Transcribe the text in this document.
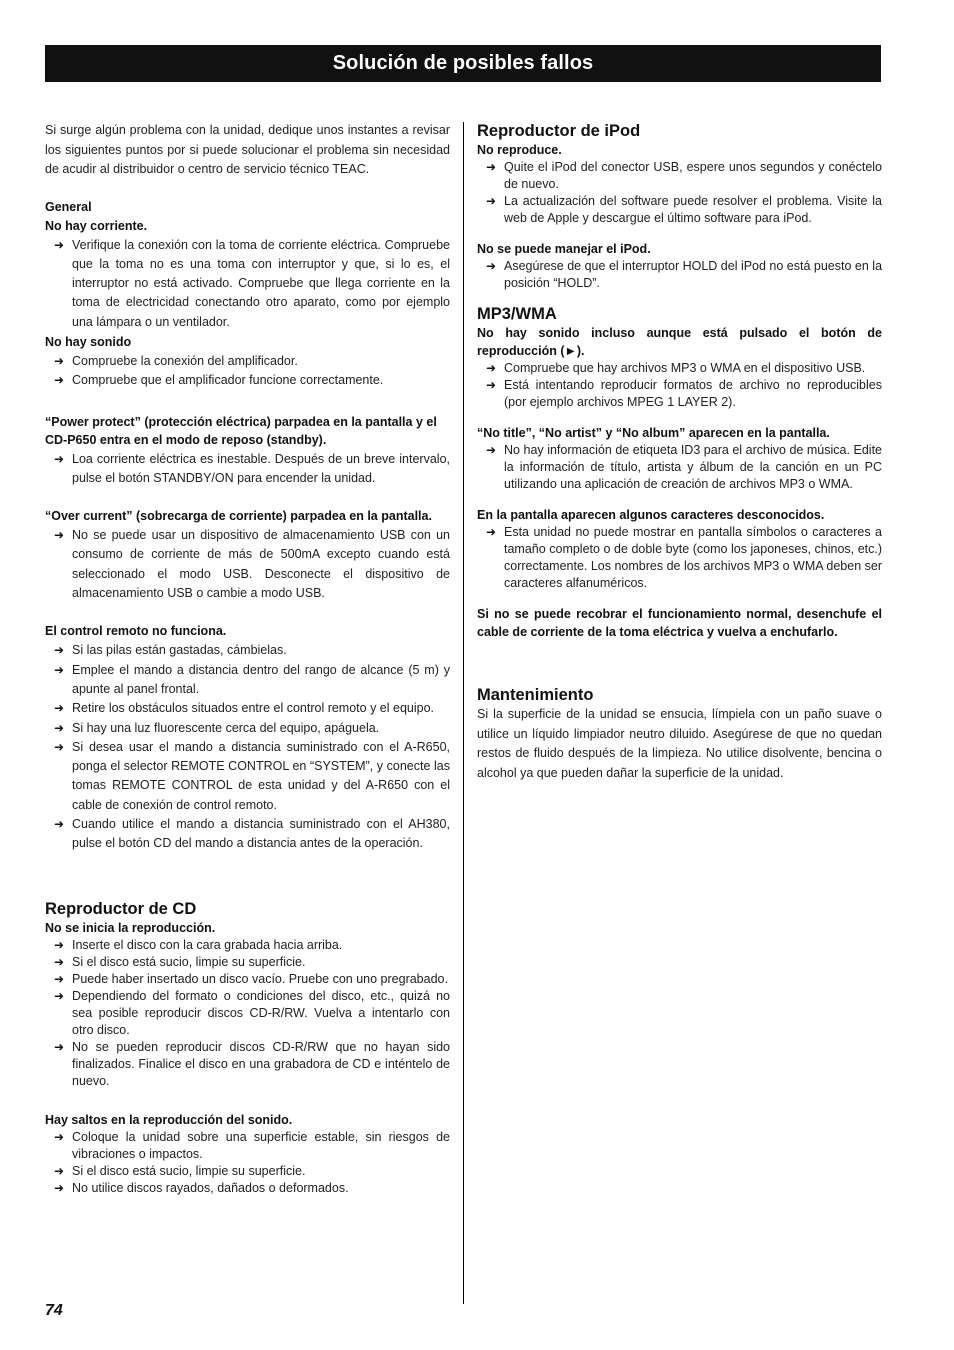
Solución de posibles fallos

Si surge algún problema con la unidad, dedique unos instantes a revisar los siguientes puntos por si puede solucionar el problema sin necesidad de acudir al distribuidor o centro de servicio técnico TEAC.

General

No hay corriente.

➜ Verifique la conexión con la toma de corriente eléctrica. Compruebe que la toma no es una toma con interruptor y que, si lo es, el interruptor no está activado. Compruebe que llega corriente en la toma de electricidad conectando otro aparato, como por ejemplo una lámpara o un ventilador.

No hay sonido

➜ Compruebe la conexión del amplificador.

➜ Compruebe que el amplificador funcione correctamente.

“Power protect” (protección eléctrica) parpadea en la pantalla y el CD-P650 entra en el modo de reposo (standby).

➜ Loa corriente eléctrica es inestable. Después de un breve intervalo, pulse el botón STANDBY/ON para encender la unidad.

“Over current” (sobrecarga de corriente) parpadea en la pantalla.

➜ No se puede usar un dispositivo de almacenamiento USB con un consumo de corriente de más de 500mA excepto cuando está seleccionado el modo USB. Desconecte el dispositivo de almacenamiento USB o cambie a modo USB.

El control remoto no funciona.

➜ Si las pilas están gastadas, cámbielas.

➜ Emplee el mando a distancia dentro del rango de alcance (5 m) y apunte al panel frontal.

➜ Retire los obstáculos situados entre el control remoto y el equipo.

➜ Si hay una luz fluorescente cerca del equipo, apáguela.

➜ Si desea usar el mando a distancia suministrado con el A-R650, ponga el selector REMOTE CONTROL en “SYSTEM”, y conecte las tomas REMOTE CONTROL de esta unidad y del A-R650 con el cable de conexión de control remoto.

➜ Cuando utilice el mando a distancia suministrado con el AH380, pulse el botón CD del mando a distancia antes de la operación.

Reproductor de CD

No se inicia la reproducción.

➜ Inserte el disco con la cara grabada hacia arriba.

➜ Si el disco está sucio, limpie su superficie.

➜ Puede haber insertado un disco vacío. Pruebe con uno pregrabado.

➜ Dependiendo del formato o condiciones del disco, etc., quizá no sea posible reproducir discos CD-R/RW. Vuelva a intentarlo con otro disco.

➜ No se pueden reproducir discos CD-R/RW que no hayan sido finalizados. Finalice el disco en una grabadora de CD e inténtelo de nuevo.

Hay saltos en la reproducción del sonido.

➜ Coloque la unidad sobre una superficie estable, sin riesgos de vibraciones o impactos.

➜ Si el disco está sucio, limpie su superficie.

➜ No utilice discos rayados, dañados o deformados.

Reproductor de iPod

No reproduce.

➜ Quite el iPod del conector USB, espere unos segundos y conéctelo de nuevo.

➜ La actualización del software puede resolver el problema. Visite la web de Apple y descargue el último software para iPod.

No se puede manejar el iPod.

➜ Asegúrese de que el interruptor HOLD del iPod no está puesto en la posición “HOLD”.

MP3/WMA

No hay sonido incluso aunque está pulsado el botón de reproducción (►).

➜ Compruebe que hay archivos MP3 o WMA en el dispositivo USB.

➜ Está intentando reproducir formatos de archivo no reproducibles (por ejemplo archivos MPEG 1 LAYER 2).

“No title”, “No artist” y “No album” aparecen en la pantalla.

➜ No hay información de etiqueta ID3 para el archivo de música. Edite la información de título, artista y álbum de la canción en un PC utilizando una aplicación de creación de archivos MP3 o WMA.

En la pantalla aparecen algunos caracteres desconocidos.

➜ Esta unidad no puede mostrar en pantalla símbolos o caracteres a tamaño completo o de doble byte (como los japoneses, chinos, etc.) correctamente. Los nombres de los archivos MP3 o WMA deben ser caracteres alfanuméricos.

Si no se puede recobrar el funcionamiento normal, desenchufe el cable de corriente de la toma eléctrica y vuelva a enchufarlo.

Mantenimiento

Si la superficie de la unidad se ensucia, límpiela con un paño suave o utilice un líquido limpiador neutro diluido. Asegúrese de que no quedan restos de fluido después de la limpieza. No utilice disolvente, bencina o alcohol ya que pueden dañar la superficie de la unidad.

74
